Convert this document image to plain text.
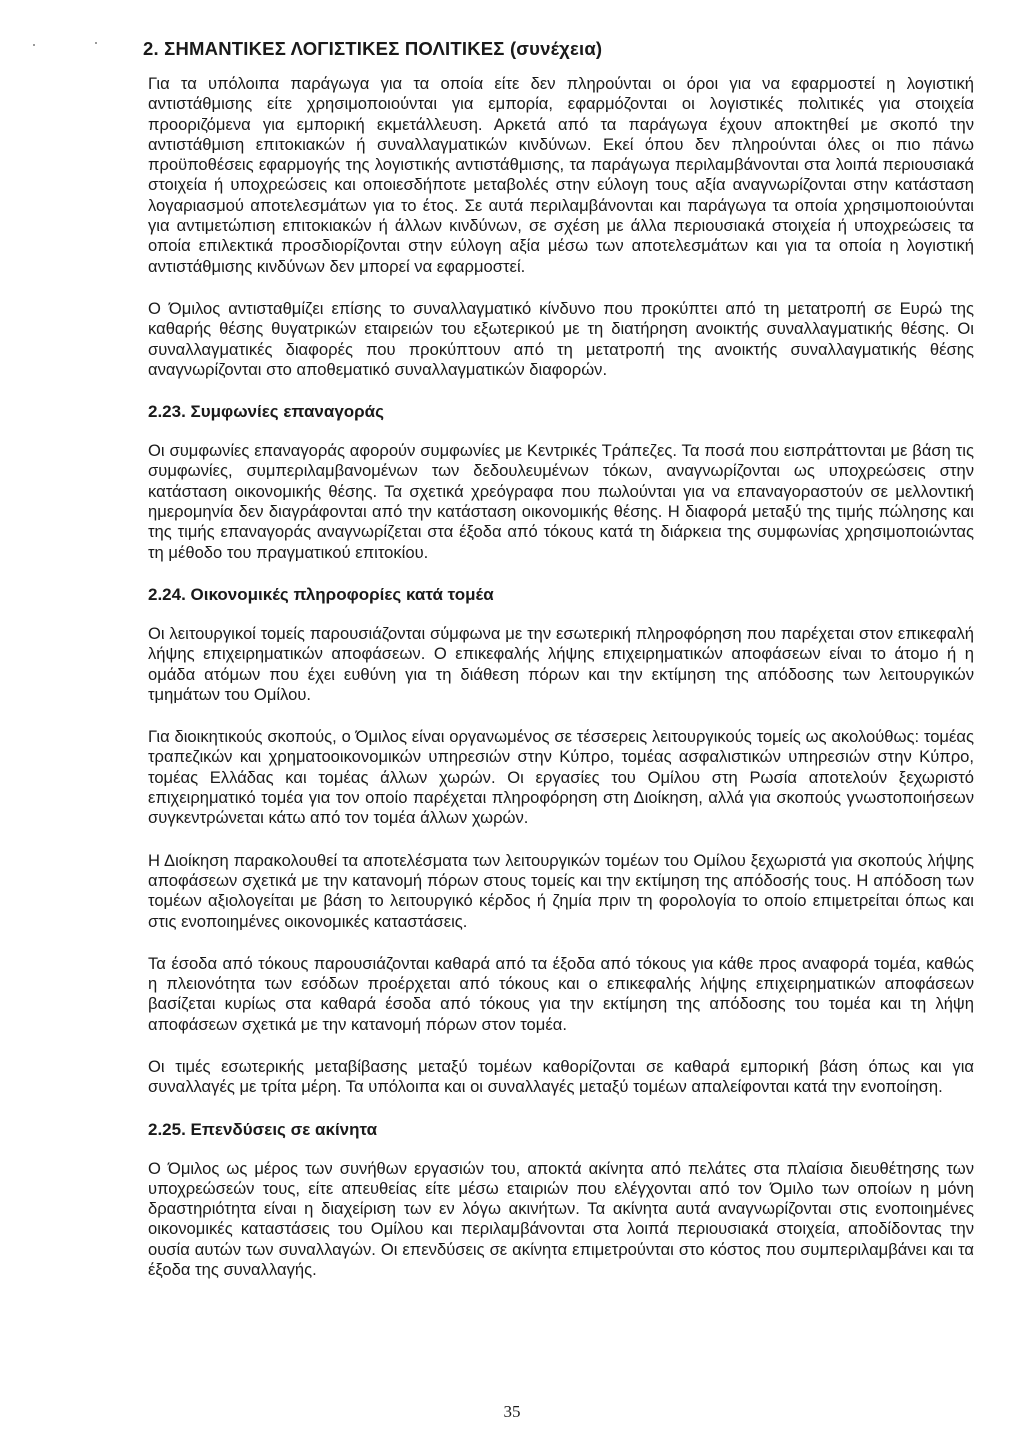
2. ΣΗΜΑΝΤΙΚΕΣ ΛΟΓΙΣΤΙΚΕΣ ΠΟΛΙΤΙΚΕΣ (συνέχεια)

Για τα υπόλοιπα παράγωγα για τα οποία είτε δεν πληρούνται οι όροι για να εφαρμοστεί η λογιστική αντιστάθμισης είτε χρησιμοποιούνται για εμπορία, εφαρμόζονται οι λογιστικές πολιτικές για στοιχεία προοριζόμενα για εμπορική εκμετάλλευση. Αρκετά από τα παράγωγα έχουν αποκτηθεί με σκοπό την αντιστάθμιση επιτοκιακών ή συναλλαγματικών κινδύνων. Εκεί όπου δεν πληρούνται όλες οι πιο πάνω προϋποθέσεις εφαρμογής της λογιστικής αντιστάθμισης, τα παράγωγα περιλαμβάνονται στα λοιπά περιουσιακά στοιχεία ή υποχρεώσεις και οποιεσδήποτε μεταβολές στην εύλογη τους αξία αναγνωρίζονται στην κατάσταση λογαριασμού αποτελεσμάτων για το έτος. Σε αυτά περιλαμβάνονται και παράγωγα τα οποία χρησιμοποιούνται για αντιμετώπιση επιτοκιακών ή άλλων κινδύνων, σε σχέση με άλλα περιουσιακά στοιχεία ή υποχρεώσεις τα οποία επιλεκτικά προσδιορίζονται στην εύλογη αξία μέσω των αποτελεσμάτων και για τα οποία η λογιστική αντιστάθμισης κινδύνων δεν μπορεί να εφαρμοστεί.

Ο Όμιλος αντισταθμίζει επίσης το συναλλαγματικό κίνδυνο που προκύπτει από τη μετατροπή σε Ευρώ της καθαρής θέσης θυγατρικών εταιρειών του εξωτερικού με τη διατήρηση ανοικτής συναλλαγματικής θέσης. Οι συναλλαγματικές διαφορές που προκύπτουν από τη μετατροπή της ανοικτής συναλλαγματικής θέσης αναγνωρίζονται στο αποθεματικό συναλλαγματικών διαφορών.

2.23. Συμφωνίες επαναγοράς

Οι συμφωνίες επαναγοράς αφορούν συμφωνίες με Κεντρικές Τράπεζες. Τα ποσά που εισπράττονται με βάση τις συμφωνίες, συμπεριλαμβανομένων των δεδουλευμένων τόκων, αναγνωρίζονται ως υποχρεώσεις στην κατάσταση οικονομικής θέσης. Τα σχετικά χρεόγραφα που πωλούνται για να επαναγοραστούν σε μελλοντική ημερομηνία δεν διαγράφονται από την κατάσταση οικονομικής θέσης. Η διαφορά μεταξύ της τιμής πώλησης και της τιμής επαναγοράς αναγνωρίζεται στα έξοδα από τόκους κατά τη διάρκεια της συμφωνίας χρησιμοποιώντας τη μέθοδο του πραγματικού επιτοκίου.

2.24. Οικονομικές πληροφορίες κατά τομέα

Οι λειτουργικοί τομείς παρουσιάζονται σύμφωνα με την εσωτερική πληροφόρηση που παρέχεται στον επικεφαλή λήψης επιχειρηματικών αποφάσεων. Ο επικεφαλής λήψης επιχειρηματικών αποφάσεων είναι το άτομο ή η ομάδα ατόμων που έχει ευθύνη για τη διάθεση πόρων και την εκτίμηση της απόδοσης των λειτουργικών τμημάτων του Ομίλου.

Για διοικητικούς σκοπούς, ο Όμιλος είναι οργανωμένος σε τέσσερεις λειτουργικούς τομείς ως ακολούθως: τομέας τραπεζικών και χρηματοοικονομικών υπηρεσιών στην Κύπρο, τομέας ασφαλιστικών υπηρεσιών στην Κύπρο, τομέας Ελλάδας και τομέας άλλων χωρών. Οι εργασίες του Ομίλου στη Ρωσία αποτελούν ξεχωριστό επιχειρηματικό τομέα για τον οποίο παρέχεται πληροφόρηση στη Διοίκηση, αλλά για σκοπούς γνωστοποιήσεων συγκεντρώνεται κάτω από τον τομέα άλλων χωρών.

Η Διοίκηση παρακολουθεί τα αποτελέσματα των λειτουργικών τομέων του Ομίλου ξεχωριστά για σκοπούς λήψης αποφάσεων σχετικά με την κατανομή πόρων στους τομείς και την εκτίμηση της απόδοσής τους. Η απόδοση των τομέων αξιολογείται με βάση το λειτουργικό κέρδος ή ζημία πριν τη φορολογία το οποίο επιμετρείται όπως και στις ενοποιημένες οικονομικές καταστάσεις.

Τα έσοδα από τόκους παρουσιάζονται καθαρά από τα έξοδα από τόκους για κάθε προς αναφορά τομέα, καθώς η πλειονότητα των εσόδων προέρχεται από τόκους και ο επικεφαλής λήψης επιχειρηματικών αποφάσεων βασίζεται κυρίως στα καθαρά έσοδα από τόκους για την εκτίμηση της απόδοσης του τομέα και τη λήψη αποφάσεων σχετικά με την κατανομή πόρων στον τομέα.

Οι τιμές εσωτερικής μεταβίβασης μεταξύ τομέων καθορίζονται σε καθαρά εμπορική βάση όπως και για συναλλαγές με τρίτα μέρη. Τα υπόλοιπα και οι συναλλαγές μεταξύ τομέων απαλείφονται κατά την ενοποίηση.

2.25. Επενδύσεις σε ακίνητα

Ο Όμιλος ως μέρος των συνήθων εργασιών του, αποκτά ακίνητα από πελάτες στα πλαίσια διευθέτησης των υποχρεώσεών τους, είτε απευθείας είτε μέσω εταιριών που ελέγχονται από τον Όμιλο των οποίων η μόνη δραστηριότητα είναι η διαχείριση των εν λόγω ακινήτων. Τα ακίνητα αυτά αναγνωρίζονται στις ενοποιημένες οικονομικές καταστάσεις του Ομίλου και περιλαμβάνονται στα λοιπά περιουσιακά στοιχεία, αποδίδοντας την ουσία αυτών των συναλλαγών. Οι επενδύσεις σε ακίνητα επιμετρούνται στο κόστος που συμπεριλαμβάνει και τα έξοδα της συναλλαγής.

35
